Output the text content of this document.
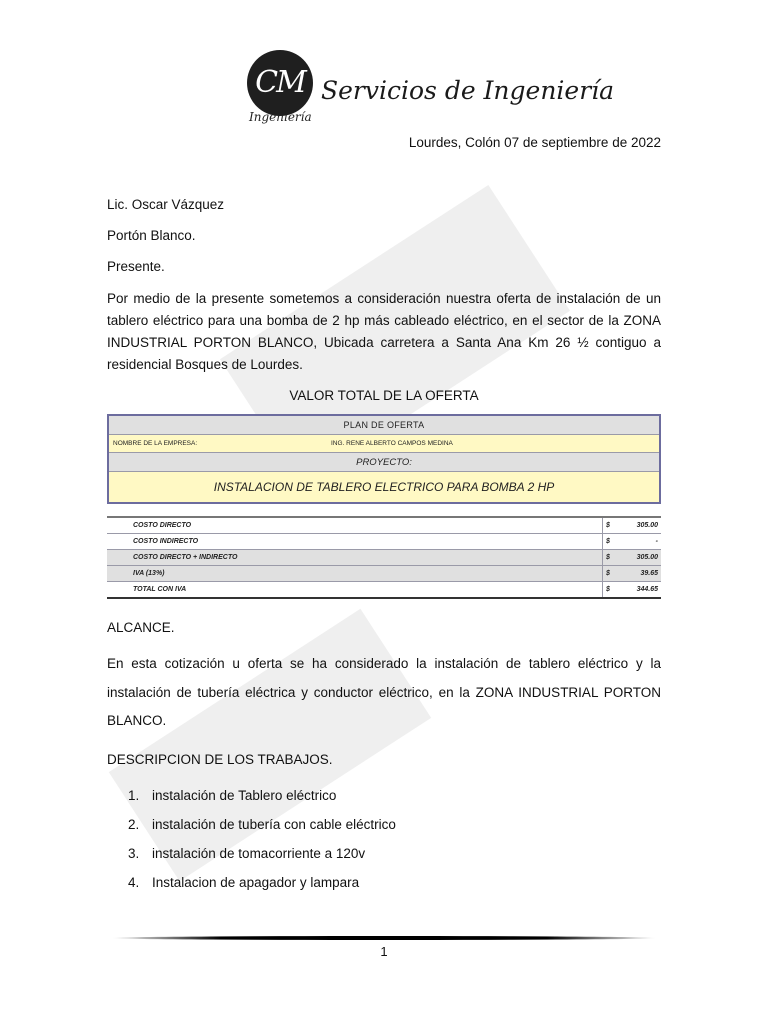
CM
Ingeniería
Servicios de Ingeniería
Lourdes, Colón 07 de septiembre de 2022
Lic. Oscar Vázquez
Portón Blanco.
Presente.
Por medio de la presente sometemos a consideración nuestra oferta de instalación de un tablero eléctrico para una bomba de 2 hp más cableado eléctrico, en el sector de la ZONA INDUSTRIAL PORTON BLANCO, Ubicada carretera a Santa Ana Km 26 ½ contiguo a residencial Bosques de Lourdes.
VALOR TOTAL DE LA OFERTA
PLAN DE OFERTA
NOMBRE DE LA EMPRESA:	ING. RENE ALBERTO CAMPOS MEDINA
PROYECTO:
INSTALACION DE TABLERO ELECTRICO PARA BOMBA 2 HP
COSTO DIRECTO	$	305.00
COSTO INDIRECTO	$	-
COSTO DIRECTO + INDIRECTO	$	305.00
IVA (13%)	$	39.65
TOTAL CON IVA	$	344.65
ALCANCE.
En esta cotización u oferta se ha considerado la instalación de tablero eléctrico y la instalación de tubería eléctrica y conductor eléctrico, en la ZONA INDUSTRIAL PORTON BLANCO.
DESCRIPCION DE LOS TRABAJOS.
1. instalación de Tablero eléctrico
2. instalación de tubería con cable eléctrico
3. instalación de tomacorriente a 120v
4. Instalacion de apagador y lampara
1
